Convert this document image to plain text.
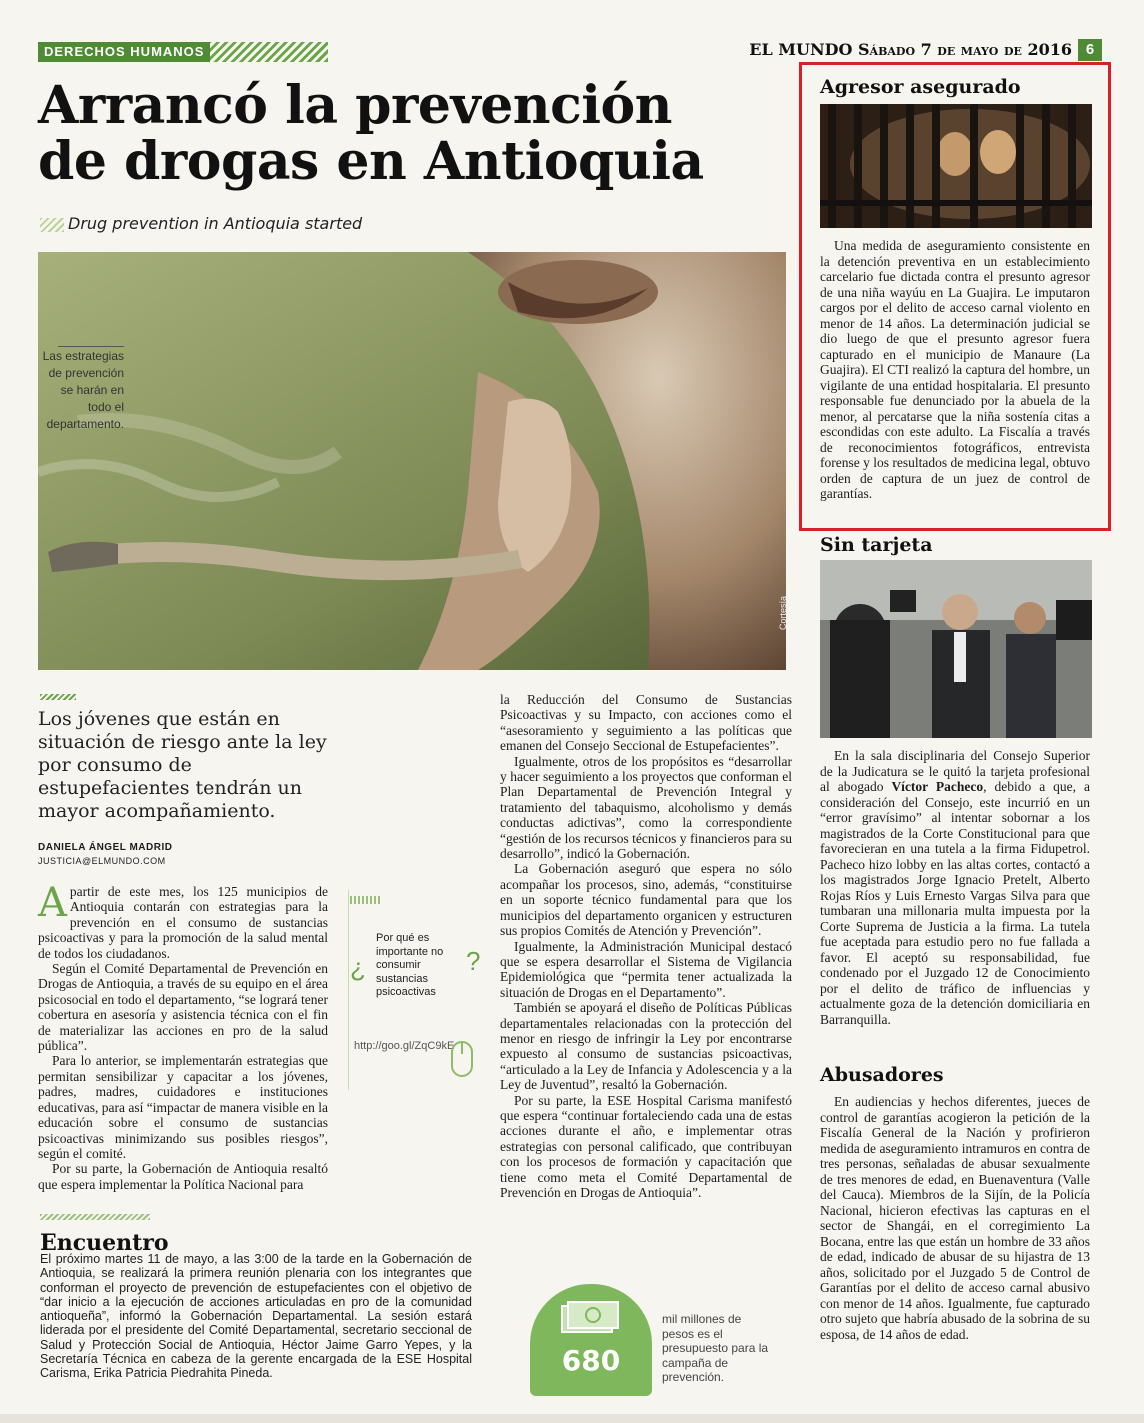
DERECHOS HUMANOS	EL MUNDO Sábado 7 de mayo de 2016 6
Arrancó la prevención
de drogas en Antioquia
Drug prevention in Antioquia started
Las estrategias de prevención se harán en todo el departamento.
Cortesía
Los jóvenes que están en situación de riesgo ante la ley por consumo de estupefacientes tendrán un mayor acompañamiento.
DANIELA ÁNGEL MADRID
JUSTICIA@ELMUNDO.COM

Apartir de este mes, los 125 municipios de Antioquia contarán con estrategias para la prevención en el consumo de sustancias psicoactivas y para la promoción de la salud mental de todos los ciudadanos.

Según el Comité Departamental de Prevención en Drogas de Antioquia, a través de su equipo en el área psicosocial en todo el departamento, “se logrará tener cobertura en asesoría y asistencia técnica con el fin de materializar las acciones en pro de la salud pública”.

Para lo anterior, se implementarán estrategias que permitan sensibilizar y capacitar a los jóvenes, padres, madres, cuidadores e instituciones educativas, para así “impactar de manera visible en la educación sobre el consumo de sustancias psicoactivas minimizando sus posibles riesgos”, según el comité.

Por su parte, la Gobernación de Antioquia resaltó que espera implementar la Política Nacional para

¿
Por qué es importante no consumir sustancias psicoactivas
?
http://goo.gl/ZqC9kE

la Reducción del Consumo de Sustancias Psicoactivas y su Impacto, con acciones como el “asesoramiento y seguimiento a las políticas que emanen del Consejo Seccional de Estupefacientes”.

Igualmente, otros de los propósitos es “desarrollar y hacer seguimiento a los proyectos que conforman el Plan Departamental de Prevención Integral y tratamiento del tabaquismo, alcoholismo y demás conductas adictivas”, como la correspondiente “gestión de los recursos técnicos y financieros para su desarrollo”, indicó la Gobernación.

La Gobernación aseguró que espera no sólo acompañar los procesos, sino, además, “constituirse en un soporte técnico fundamental para que los municipios del departamento organicen y estructuren sus propios Comités de Atención y Prevención”.

Igualmente, la Administración Municipal destacó que se espera desarrollar el Sistema de Vigilancia Epidemiológica que “permita tener actualizada la situación de Drogas en el Departamento”.

También se apoyará el diseño de Políticas Públicas departamentales relacionadas con la protección del menor en riesgo de infringir la Ley por encontrarse expuesto al consumo de sustancias psicoactivas, “articulado a la Ley de Infancia y Adolescencia y a la Ley de Juventud”, resaltó la Gobernación.

Por su parte, la ESE Hospital Carisma manifestó que espera “continuar fortaleciendo cada una de estas acciones durante el año, e implementar otras estrategias con personal calificado, que contribuyan con los procesos de formación y capacitación que tiene como meta el Comité Departamental de Prevención en Drogas de Antioquia”.

Encuentro
El próximo martes 11 de mayo, a las 3:00 de la tarde en la Gobernación de Antioquia, se realizará la primera reunión plenaria con los integrantes que conforman el proyecto de prevención de estupefacientes con el objetivo de “dar inicio a la ejecución de acciones articuladas en pro de la comunidad antioqueña”, informó la Gobernación Departamental. La sesión estará liderada por el presidente del Comité Departamental, secretario seccional de Salud y Protección Social de Antioquia, Héctor Jaime Garro Yepes, y la Secretaría Técnica en cabeza de la gerente encargada de la ESE Hospital Carisma, Erika Patricia Piedrahita Pineda.	680
mil millones de pesos es el presupuesto para la campaña de prevención.
Agresor asegurado

Una medida de aseguramiento consistente en la detención preventiva en un establecimiento carcelario fue dictada contra el presunto agresor de una niña wayúu en La Guajira. Le imputaron cargos por el delito de acceso carnal violento en menor de 14 años. La determinación judicial se dio luego de que el presunto agresor fuera capturado en el municipio de Manaure (La Guajira). El CTI realizó la captura del hombre, un vigilante de una entidad hospitalaria. El presunto responsable fue denunciado por la abuela de la menor, al percatarse que la niña sostenía citas a escondidas con este adulto. La Fiscalía a través de reconocimientos fotográficos, entrevista forense y los resultados de medicina legal, obtuvo orden de captura de un juez de control de garantías.

Sin tarjeta

En la sala disciplinaria del Consejo Superior de la Judicatura se le quitó la tarjeta profesional al abogado Víctor Pacheco, debido a que, a consideración del Consejo, este incurrió en un “error gravísimo” al intentar sobornar a los magistrados de la Corte Constitucional para que favorecieran en una tutela a la firma Fidupetrol. Pacheco hizo lobby en las altas cortes, contactó a los magistrados Jorge Ignacio Pretelt, Alberto Rojas Ríos y Luis Ernesto Vargas Silva para que tumbaran una millonaria multa impuesta por la Corte Suprema de Justicia a la firma. La tutela fue aceptada para estudio pero no fue fallada a favor. El aceptó su responsabilidad, fue condenado por el Juzgado 12 de Conocimiento por el delito de tráfico de influencias y actualmente goza de la detención domiciliaria en Barranquilla.

Abusadores

En audiencias y hechos diferentes, jueces de control de garantías acogieron la petición de la Fiscalía General de la Nación y profirieron medida de aseguramiento intramuros en contra de tres personas, señaladas de abusar sexualmente de tres menores de edad, en Buenaventura (Valle del Cauca). Miembros de la Sijín, de la Policía Nacional, hicieron efectivas las capturas en el sector de Shangái, en el corregimiento La Bocana, entre las que están un hombre de 33 años de edad, indicado de abusar de su hijastra de 13 años, solicitado por el Juzgado 5 de Control de Garantías por el delito de acceso carnal abusivo con menor de 14 años. Igualmente, fue capturado otro sujeto que habría abusado de la sobrina de su esposa, de 14 años de edad.
